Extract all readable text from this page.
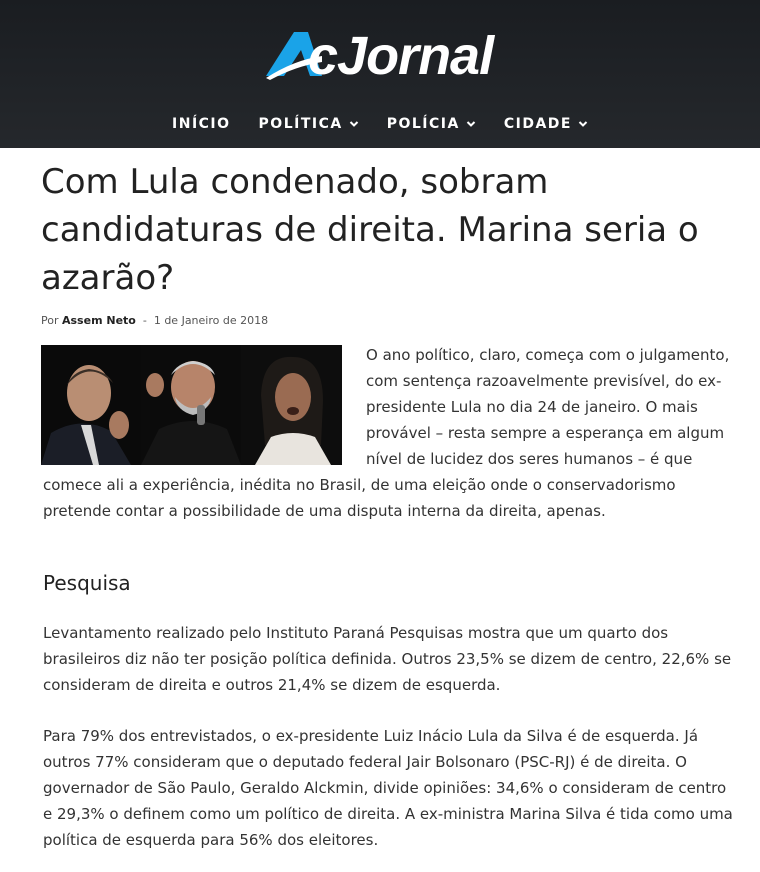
cJornal
INÍCIO POLÍTICA	POLÍCIA	CIDADE
Com Lula condenado, sobram candidaturas de direita. Marina seria o azarão?
Por Assem Neto - 1 de Janeiro de 2018
O ano político, claro, começa com o julgamento, com sentença razoavelmente previsível, do ex-presidente Lula no dia 24 de janeiro. O mais provável – resta sempre a esperança em algum nível de lucidez dos seres humanos – é que comece ali a experiência, inédita no Brasil, de uma eleição onde o conservadorismo pretende contar a possibilidade de uma disputa interna da direita, apenas.
Pesquisa

Levantamento realizado pelo Instituto Paraná Pesquisas mostra que um quarto dos brasileiros diz não ter posição política definida. Outros 23,5% se dizem de centro, 22,6% se consideram de direita e outros 21,4% se dizem de esquerda.

Para 79% dos entrevistados, o ex-presidente Luiz Inácio Lula da Silva é de esquerda. Já outros 77% consideram que o deputado federal Jair Bolsonaro (PSC-RJ) é de direita. O governador de São Paulo, Geraldo Alckmin, divide opiniões: 34,6% o consideram de centro e 29,3% o definem como um político de direita. A ex-ministra Marina Silva é tida como uma política de esquerda para 56% dos eleitores.
